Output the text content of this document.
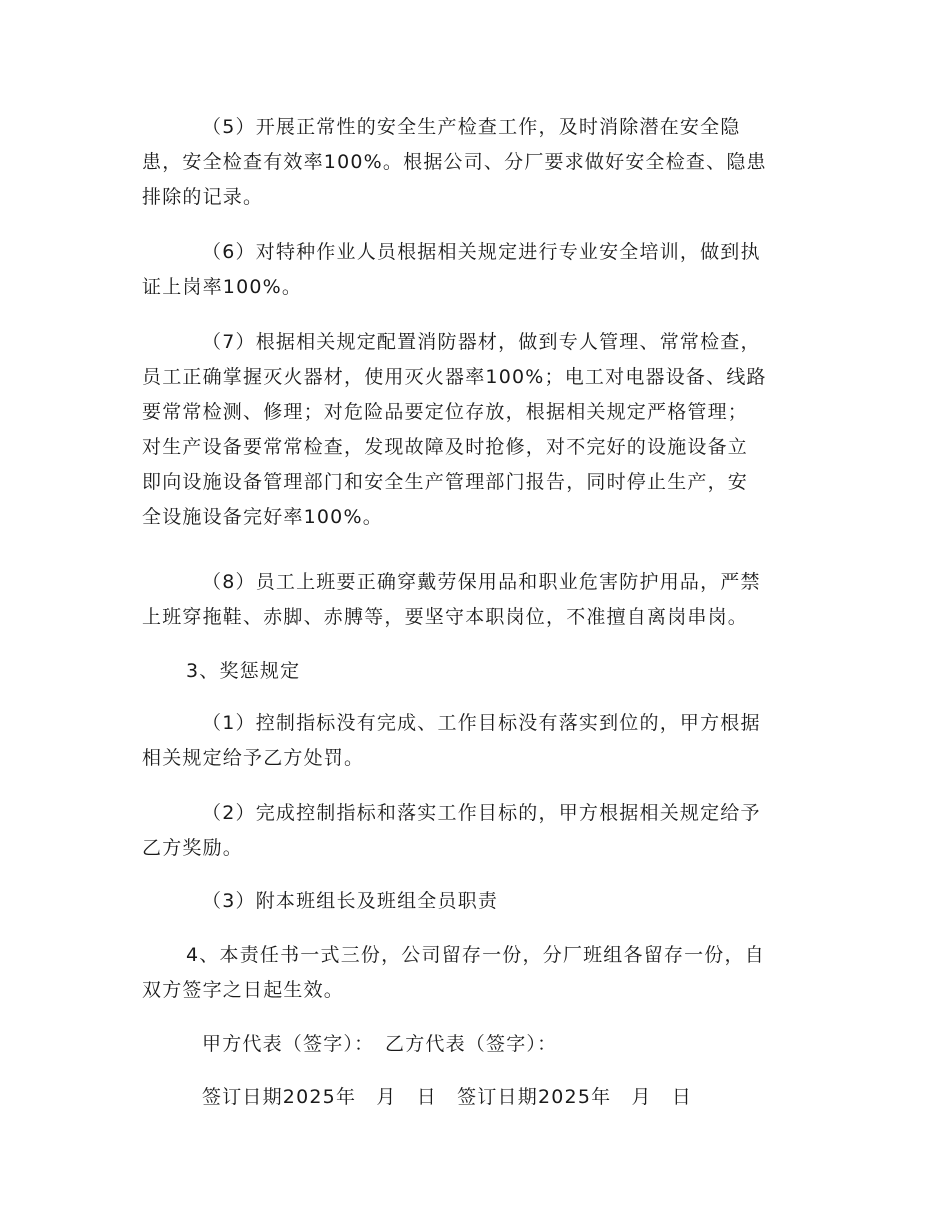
（5）开展正常性的安全生产检查工作，及时消除潜在安全隐
患，安全检查有效率100%。根据公司、分厂要求做好安全检查、隐患
排除的记录。

（6）对特种作业人员根据相关规定进行专业安全培训，做到执
证上岗率100%。

（7）根据相关规定配置消防器材，做到专人管理、常常检查，
员工正确掌握灭火器材，使用灭火器率100%；电工对电器设备、线路
要常常检测、修理；对危险品要定位存放，根据相关规定严格管理；
对生产设备要常常检查，发现故障及时抢修，对不完好的设施设备立
即向设施设备管理部门和安全生产管理部门报告，同时停止生产，安
全设施设备完好率100%。

（8）员工上班要正确穿戴劳保用品和职业危害防护用品，严禁
上班穿拖鞋、赤脚、赤膊等，要坚守本职岗位，不准擅自离岗串岗。

3、奖惩规定

（1）控制指标没有完成、工作目标没有落实到位的，甲方根据
相关规定给予乙方处罚。

（2）完成控制指标和落实工作目标的，甲方根据相关规定给予
乙方奖励。

（3）附本班组长及班组全员职责

4、本责任书一式三份，公司留存一份，分厂班组各留存一份，自
双方签字之日起生效。

甲方代表（签字）：　乙方代表（签字）：

签订日期2025年　月　日　签订日期2025年　月　日
